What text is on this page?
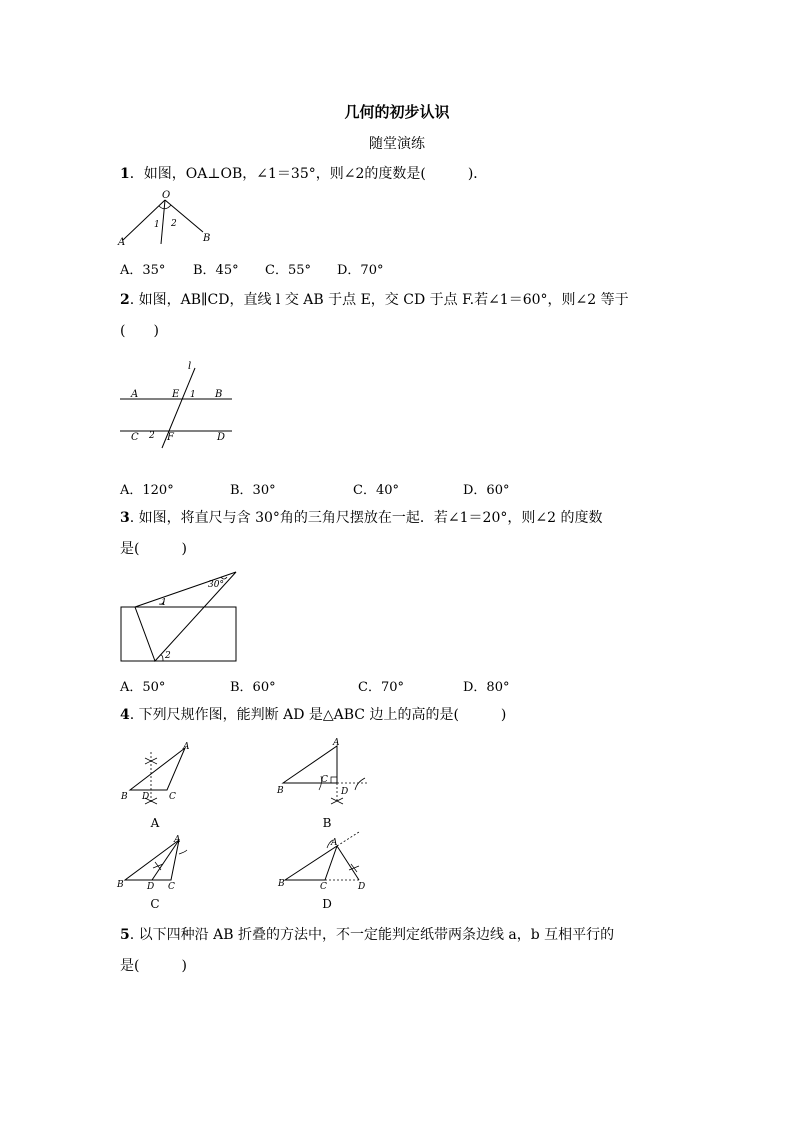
几何的初步认识
随堂演练
1．如图，OA⊥OB，∠1＝35°，则∠2的度数是(　　　)．
O
A	B
1 2
A．35° B．45° C．55° D．70°
2. 如图，AB∥CD，直线 l 交 AB 于点 E，交 CD 于点 F.若∠1＝60°，则∠2 等于
(　　)
l
A	E 1 B
C 2 F	D
A．120°	B．30°	C．40°	D．60°
3. 如图，将直尺与含 30°角的三角尺摆放在一起．若∠1＝20°，则∠2 的度数
是(　　　)
30°
1
2
A．50°	B．60°	C．70°	D．80°
4. 下列尺规作图，能判断 AD 是△ABC 边上的高的是(　　　)
A
B D C
A
A
B
C
D
B
A
B	D C
C
A
B	C	D
D
5. 以下四种沿 AB 折叠的方法中，不一定能判定纸带两条边线 a，b 互相平行的
是(　　　)
